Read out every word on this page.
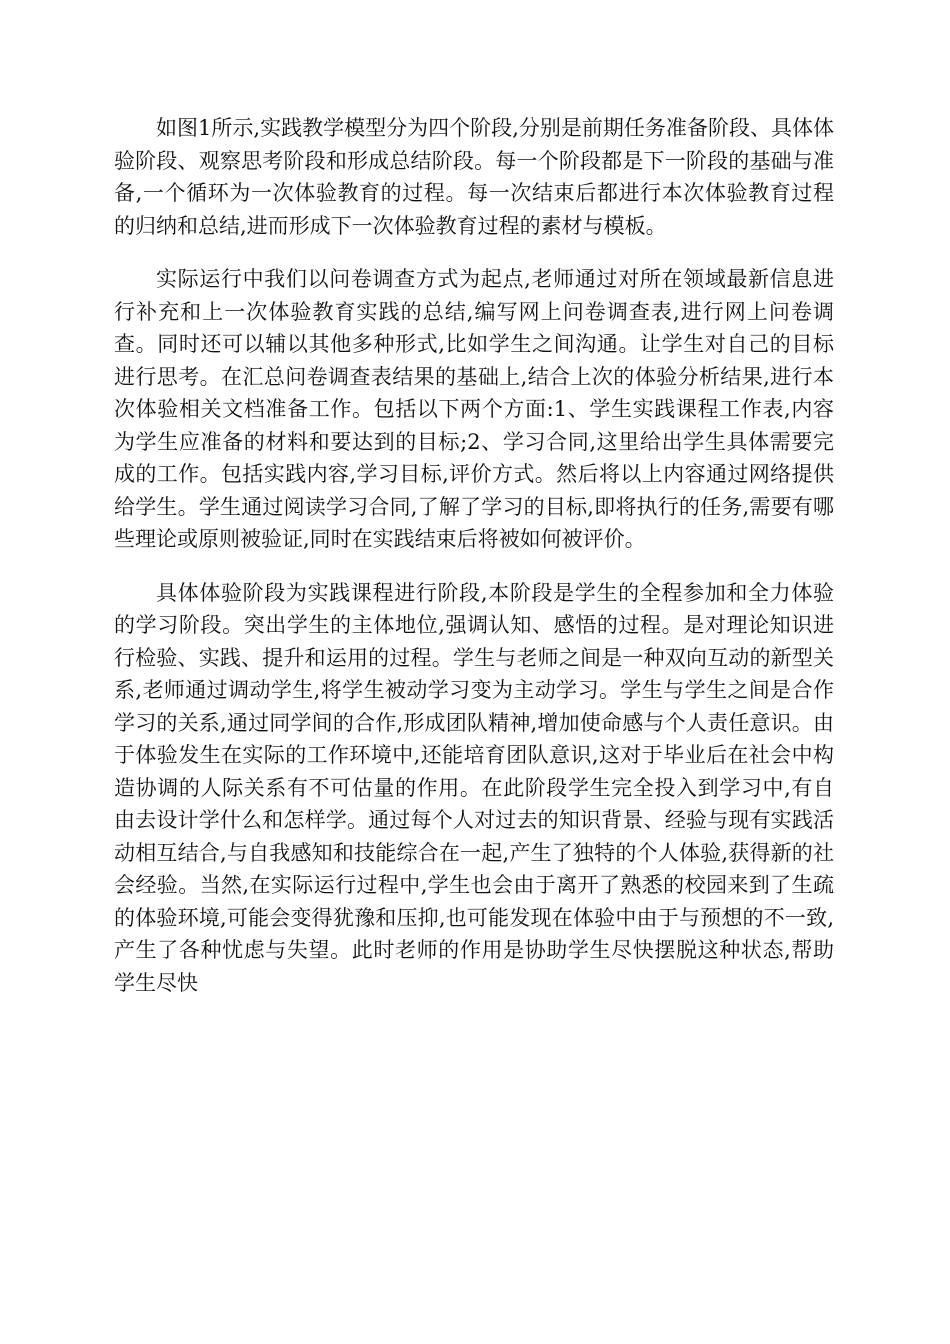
如图1所示,实践教学模型分为四个阶段,分别是前期任务准备阶段、具体体验阶段、观察思考阶段和形成总结阶段。每一个阶段都是下一阶段的基础与准备,一个循环为一次体验教育的过程。每一次结束后都进行本次体验教育过程的归纳和总结,进而形成下一次体验教育过程的素材与模板。

实际运行中我们以问卷调查方式为起点,老师通过对所在领域最新信息进行补充和上一次体验教育实践的总结,编写网上问卷调查表,进行网上问卷调查。同时还可以辅以其他多种形式,比如学生之间沟通。让学生对自己的目标进行思考。在汇总问卷调查表结果的基础上,结合上次的体验分析结果,进行本次体验相关文档准备工作。包括以下两个方面:1、学生实践课程工作表,内容为学生应准备的材料和要达到的目标;2、学习合同,这里给出学生具体需要完成的工作。包括实践内容,学习目标,评价方式。然后将以上内容通过网络提供给学生。学生通过阅读学习合同,了解了学习的目标,即将执行的任务,需要有哪些理论或原则被验证,同时在实践结束后将被如何被评价。

具体体验阶段为实践课程进行阶段,本阶段是学生的全程参加和全力体验的学习阶段。突出学生的主体地位,强调认知、感悟的过程。是对理论知识进行检验、实践、提升和运用的过程。学生与老师之间是一种双向互动的新型关系,老师通过调动学生,将学生被动学习变为主动学习。学生与学生之间是合作学习的关系,通过同学间的合作,形成团队精神,增加使命感与个人责任意识。由于体验发生在实际的工作环境中,还能培育团队意识,这对于毕业后在社会中构造协调的人际关系有不可估量的作用。在此阶段学生完全投入到学习中,有自由去设计学什么和怎样学。通过每个人对过去的知识背景、经验与现有实践活动相互结合,与自我感知和技能综合在一起,产生了独特的个人体验,获得新的社会经验。当然,在实际运行过程中,学生也会由于离开了熟悉的校园来到了生疏的体验环境,可能会变得犹豫和压抑,也可能发现在体验中由于与预想的不一致,产生了各种忧虑与失望。此时老师的作用是协助学生尽快摆脱这种状态,帮助学生尽快
